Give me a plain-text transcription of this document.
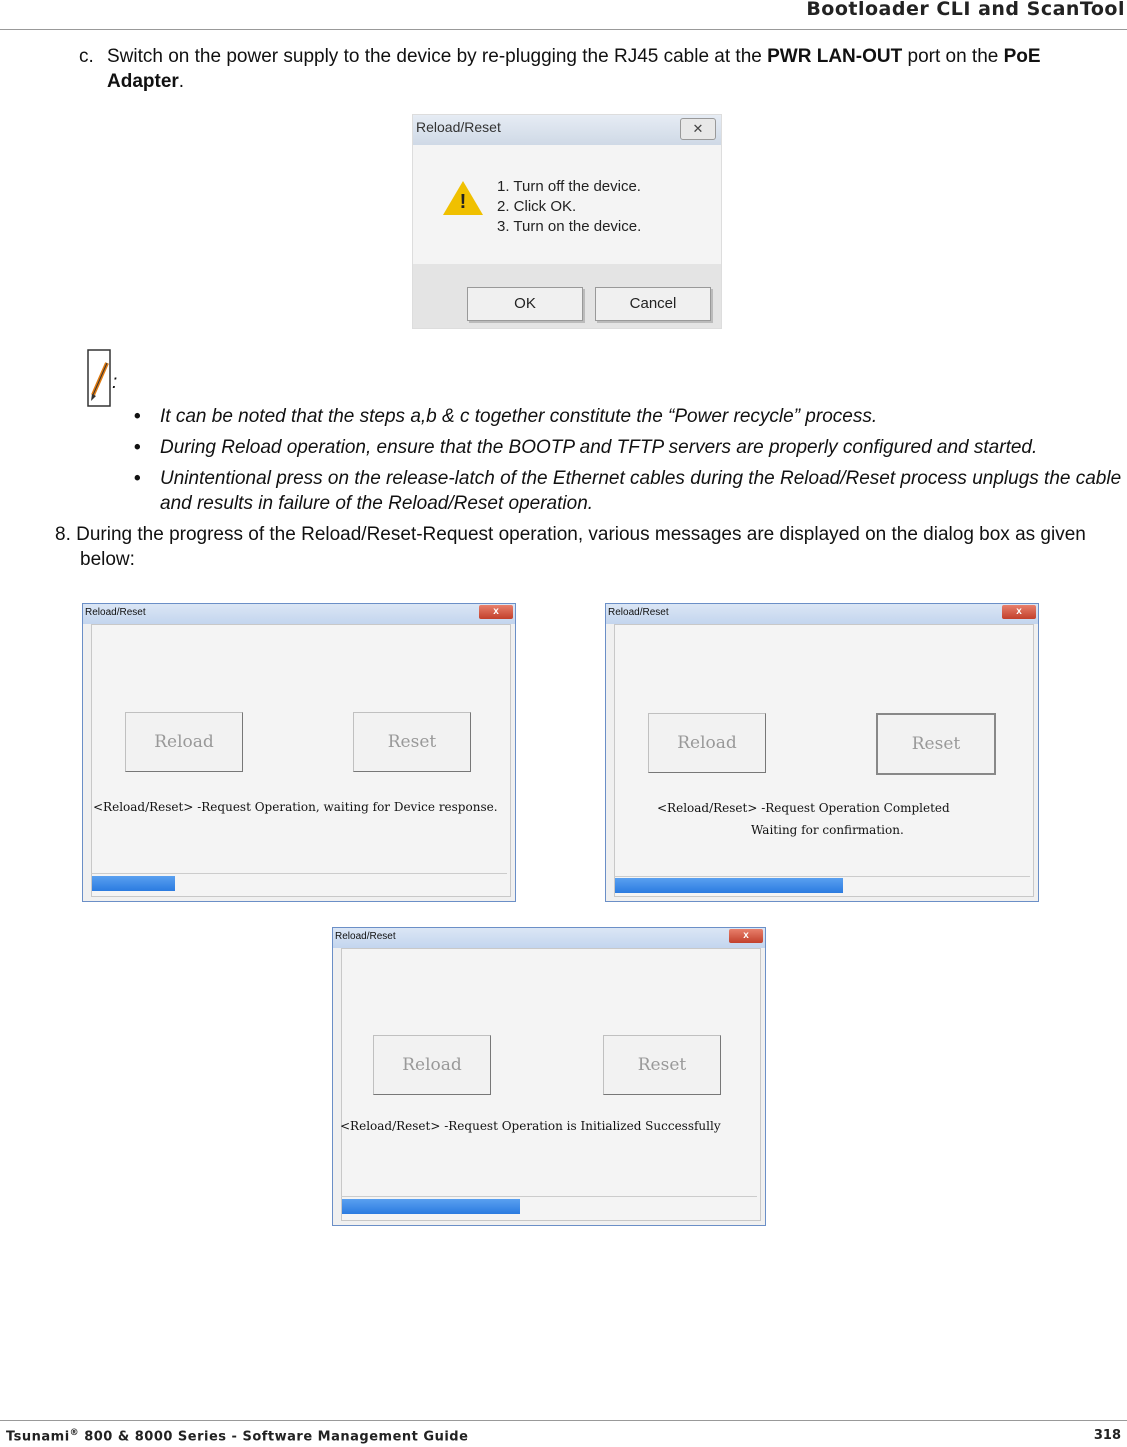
Bootloader CLI and ScanTool
c. Switch on the power supply to the device by re-plugging the RJ45 cable at the PWR LAN-OUT port on the PoE
Adapter.
Reload/Reset	✕
!
1. Turn off the device.
2. Click OK.
3. Turn on the device.
OK	Cancel
:
•	It can be noted that the steps a,b & c together constitute the “Power recycle” process.
•	During Reload operation, ensure that the BOOTP and TFTP servers are properly configured and started.
•	Unintentional press on the release-latch of the Ethernet cables during the Reload/Reset process unplugs the cable and results in failure of the Reload/Reset operation.
8. During the progress of the Reload/Reset-Request operation, various messages are displayed on the dialog box as given
below:
Reload/Reset	x
Reload	Reset
<Reload/Reset> -Request Operation, waiting for Device response.
Reload/Reset	x
Reload	Reset
<Reload/Reset> -Request Operation Completed
Waiting for confirmation.
Reload/Reset	x
Reload	Reset
<Reload/Reset> -Request Operation is Initialized Successfully
Tsunami® 800 & 8000 Series - Software Management Guide	318
